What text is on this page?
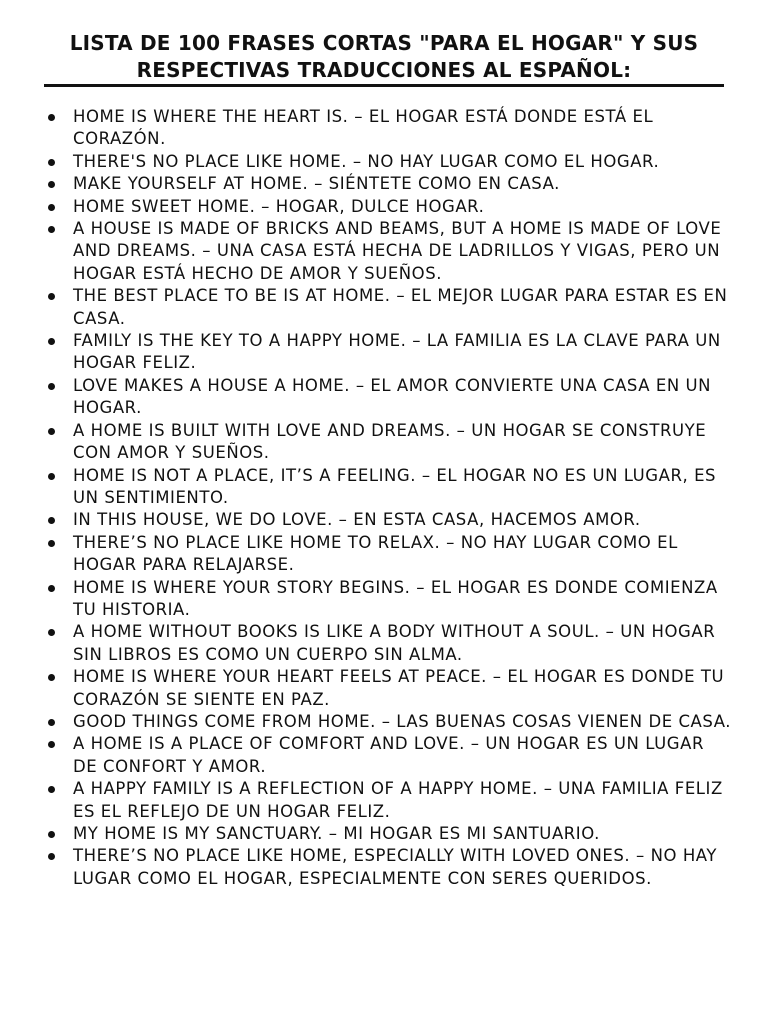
LISTA DE 100 FRASES CORTAS "PARA EL HOGAR" Y SUS RESPECTIVAS TRADUCCIONES AL ESPAÑOL:
HOME IS WHERE THE HEART IS. – EL HOGAR ESTÁ DONDE ESTÁ EL CORAZÓN.
THERE'S NO PLACE LIKE HOME. – NO HAY LUGAR COMO EL HOGAR.
MAKE YOURSELF AT HOME. – SIÉNTETE COMO EN CASA.
HOME SWEET HOME. – HOGAR, DULCE HOGAR.
A HOUSE IS MADE OF BRICKS AND BEAMS, BUT A HOME IS MADE OF LOVE AND DREAMS. – UNA CASA ESTÁ HECHA DE LADRILLOS Y VIGAS, PERO UN HOGAR ESTÁ HECHO DE AMOR Y SUEÑOS.
THE BEST PLACE TO BE IS AT HOME. – EL MEJOR LUGAR PARA ESTAR ES EN CASA.
FAMILY IS THE KEY TO A HAPPY HOME. – LA FAMILIA ES LA CLAVE PARA UN HOGAR FELIZ.
LOVE MAKES A HOUSE A HOME. – EL AMOR CONVIERTE UNA CASA EN UN HOGAR.
A HOME IS BUILT WITH LOVE AND DREAMS. – UN HOGAR SE CONSTRUYE CON AMOR Y SUEÑOS.
HOME IS NOT A PLACE, IT’S A FEELING. – EL HOGAR NO ES UN LUGAR, ES UN SENTIMIENTO.
IN THIS HOUSE, WE DO LOVE. – EN ESTA CASA, HACEMOS AMOR.
THERE’S NO PLACE LIKE HOME TO RELAX. – NO HAY LUGAR COMO EL HOGAR PARA RELAJARSE.
HOME IS WHERE YOUR STORY BEGINS. – EL HOGAR ES DONDE COMIENZA TU HISTORIA.
A HOME WITHOUT BOOKS IS LIKE A BODY WITHOUT A SOUL. – UN HOGAR SIN LIBROS ES COMO UN CUERPO SIN ALMA.
HOME IS WHERE YOUR HEART FEELS AT PEACE. – EL HOGAR ES DONDE TU CORAZÓN SE SIENTE EN PAZ.
GOOD THINGS COME FROM HOME. – LAS BUENAS COSAS VIENEN DE CASA.
A HOME IS A PLACE OF COMFORT AND LOVE. – UN HOGAR ES UN LUGAR DE CONFORT Y AMOR.
A HAPPY FAMILY IS A REFLECTION OF A HAPPY HOME. – UNA FAMILIA FELIZ ES EL REFLEJO DE UN HOGAR FELIZ.
MY HOME IS MY SANCTUARY. – MI HOGAR ES MI SANTUARIO.
THERE’S NO PLACE LIKE HOME, ESPECIALLY WITH LOVED ONES. – NO HAY LUGAR COMO EL HOGAR, ESPECIALMENTE CON SERES QUERIDOS.
